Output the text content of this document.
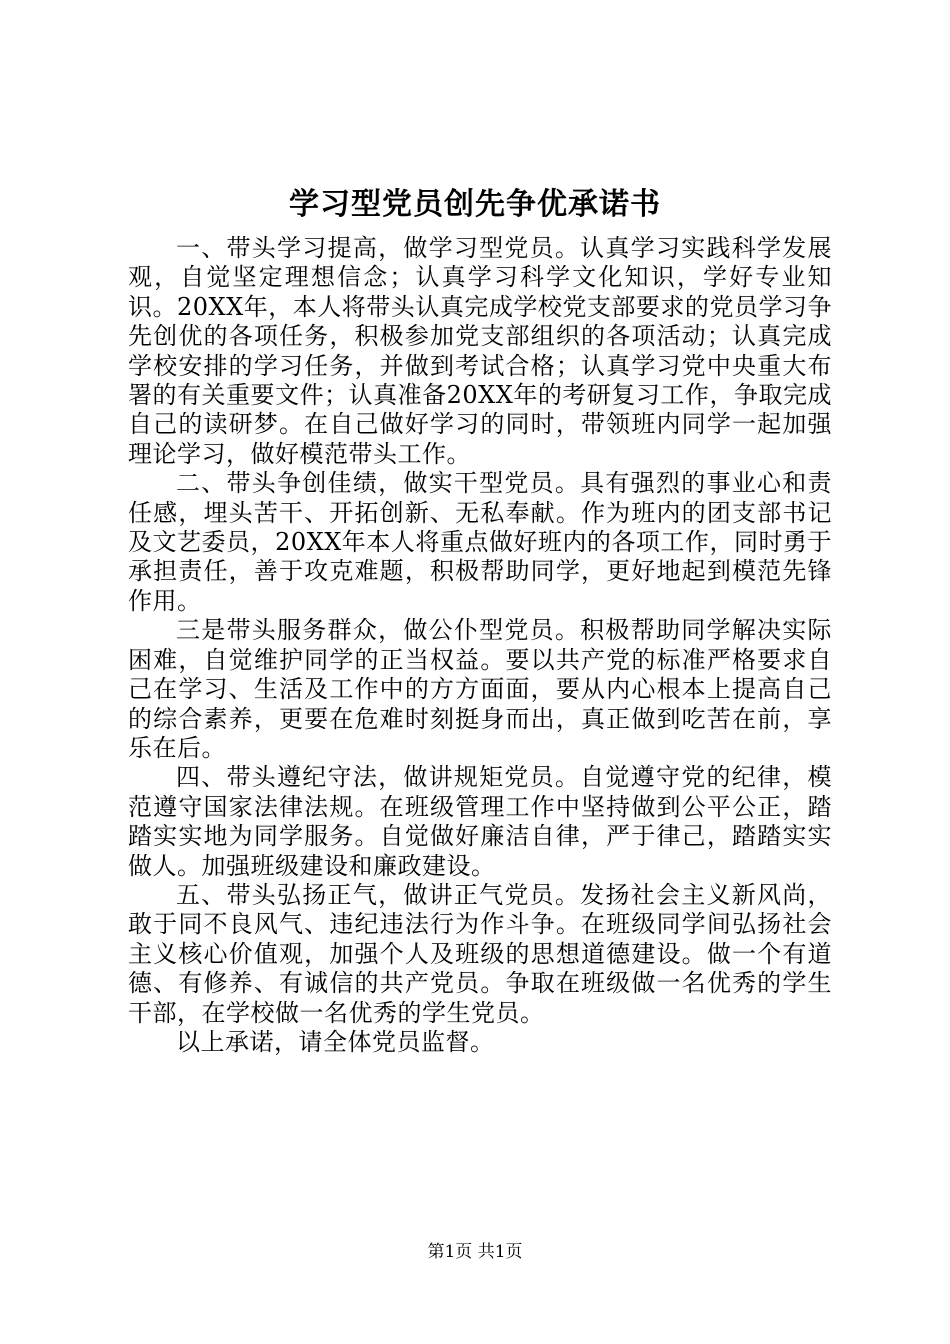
学习型党员创先争优承诺书

一、带头学习提高，做学习型党员。认真学习实践科学发展观，自觉坚定理想信念；认真学习科学文化知识，学好专业知识。20XX年，本人将带头认真完成学校党支部要求的党员学习争先创优的各项任务，积极参加党支部组织的各项活动；认真完成学校安排的学习任务，并做到考试合格；认真学习党中央重大布署的有关重要文件；认真准备20XX年的考研复习工作，争取完成自己的读研梦。在自己做好学习的同时，带领班内同学一起加强理论学习，做好模范带头工作。

二、带头争创佳绩，做实干型党员。具有强烈的事业心和责任感，埋头苦干、开拓创新、无私奉献。作为班内的团支部书记及文艺委员，20XX年本人将重点做好班内的各项工作，同时勇于承担责任，善于攻克难题，积极帮助同学，更好地起到模范先锋作用。

三是带头服务群众，做公仆型党员。积极帮助同学解决实际困难，自觉维护同学的正当权益。要以共产党的标准严格要求自己在学习、生活及工作中的方方面面，要从内心根本上提高自己的综合素养，更要在危难时刻挺身而出，真正做到吃苦在前，享乐在后。

四、带头遵纪守法，做讲规矩党员。自觉遵守党的纪律，模范遵守国家法律法规。在班级管理工作中坚持做到公平公正，踏踏实实地为同学服务。自觉做好廉洁自律，严于律己，踏踏实实做人。加强班级建设和廉政建设。

五、带头弘扬正气，做讲正气党员。发扬社会主义新风尚，敢于同不良风气、违纪违法行为作斗争。在班级同学间弘扬社会主义核心价值观，加强个人及班级的思想道德建设。做一个有道德、有修养、有诚信的共产党员。争取在班级做一名优秀的学生干部，在学校做一名优秀的学生党员。

以上承诺，请全体党员监督。

第1页 共1页
